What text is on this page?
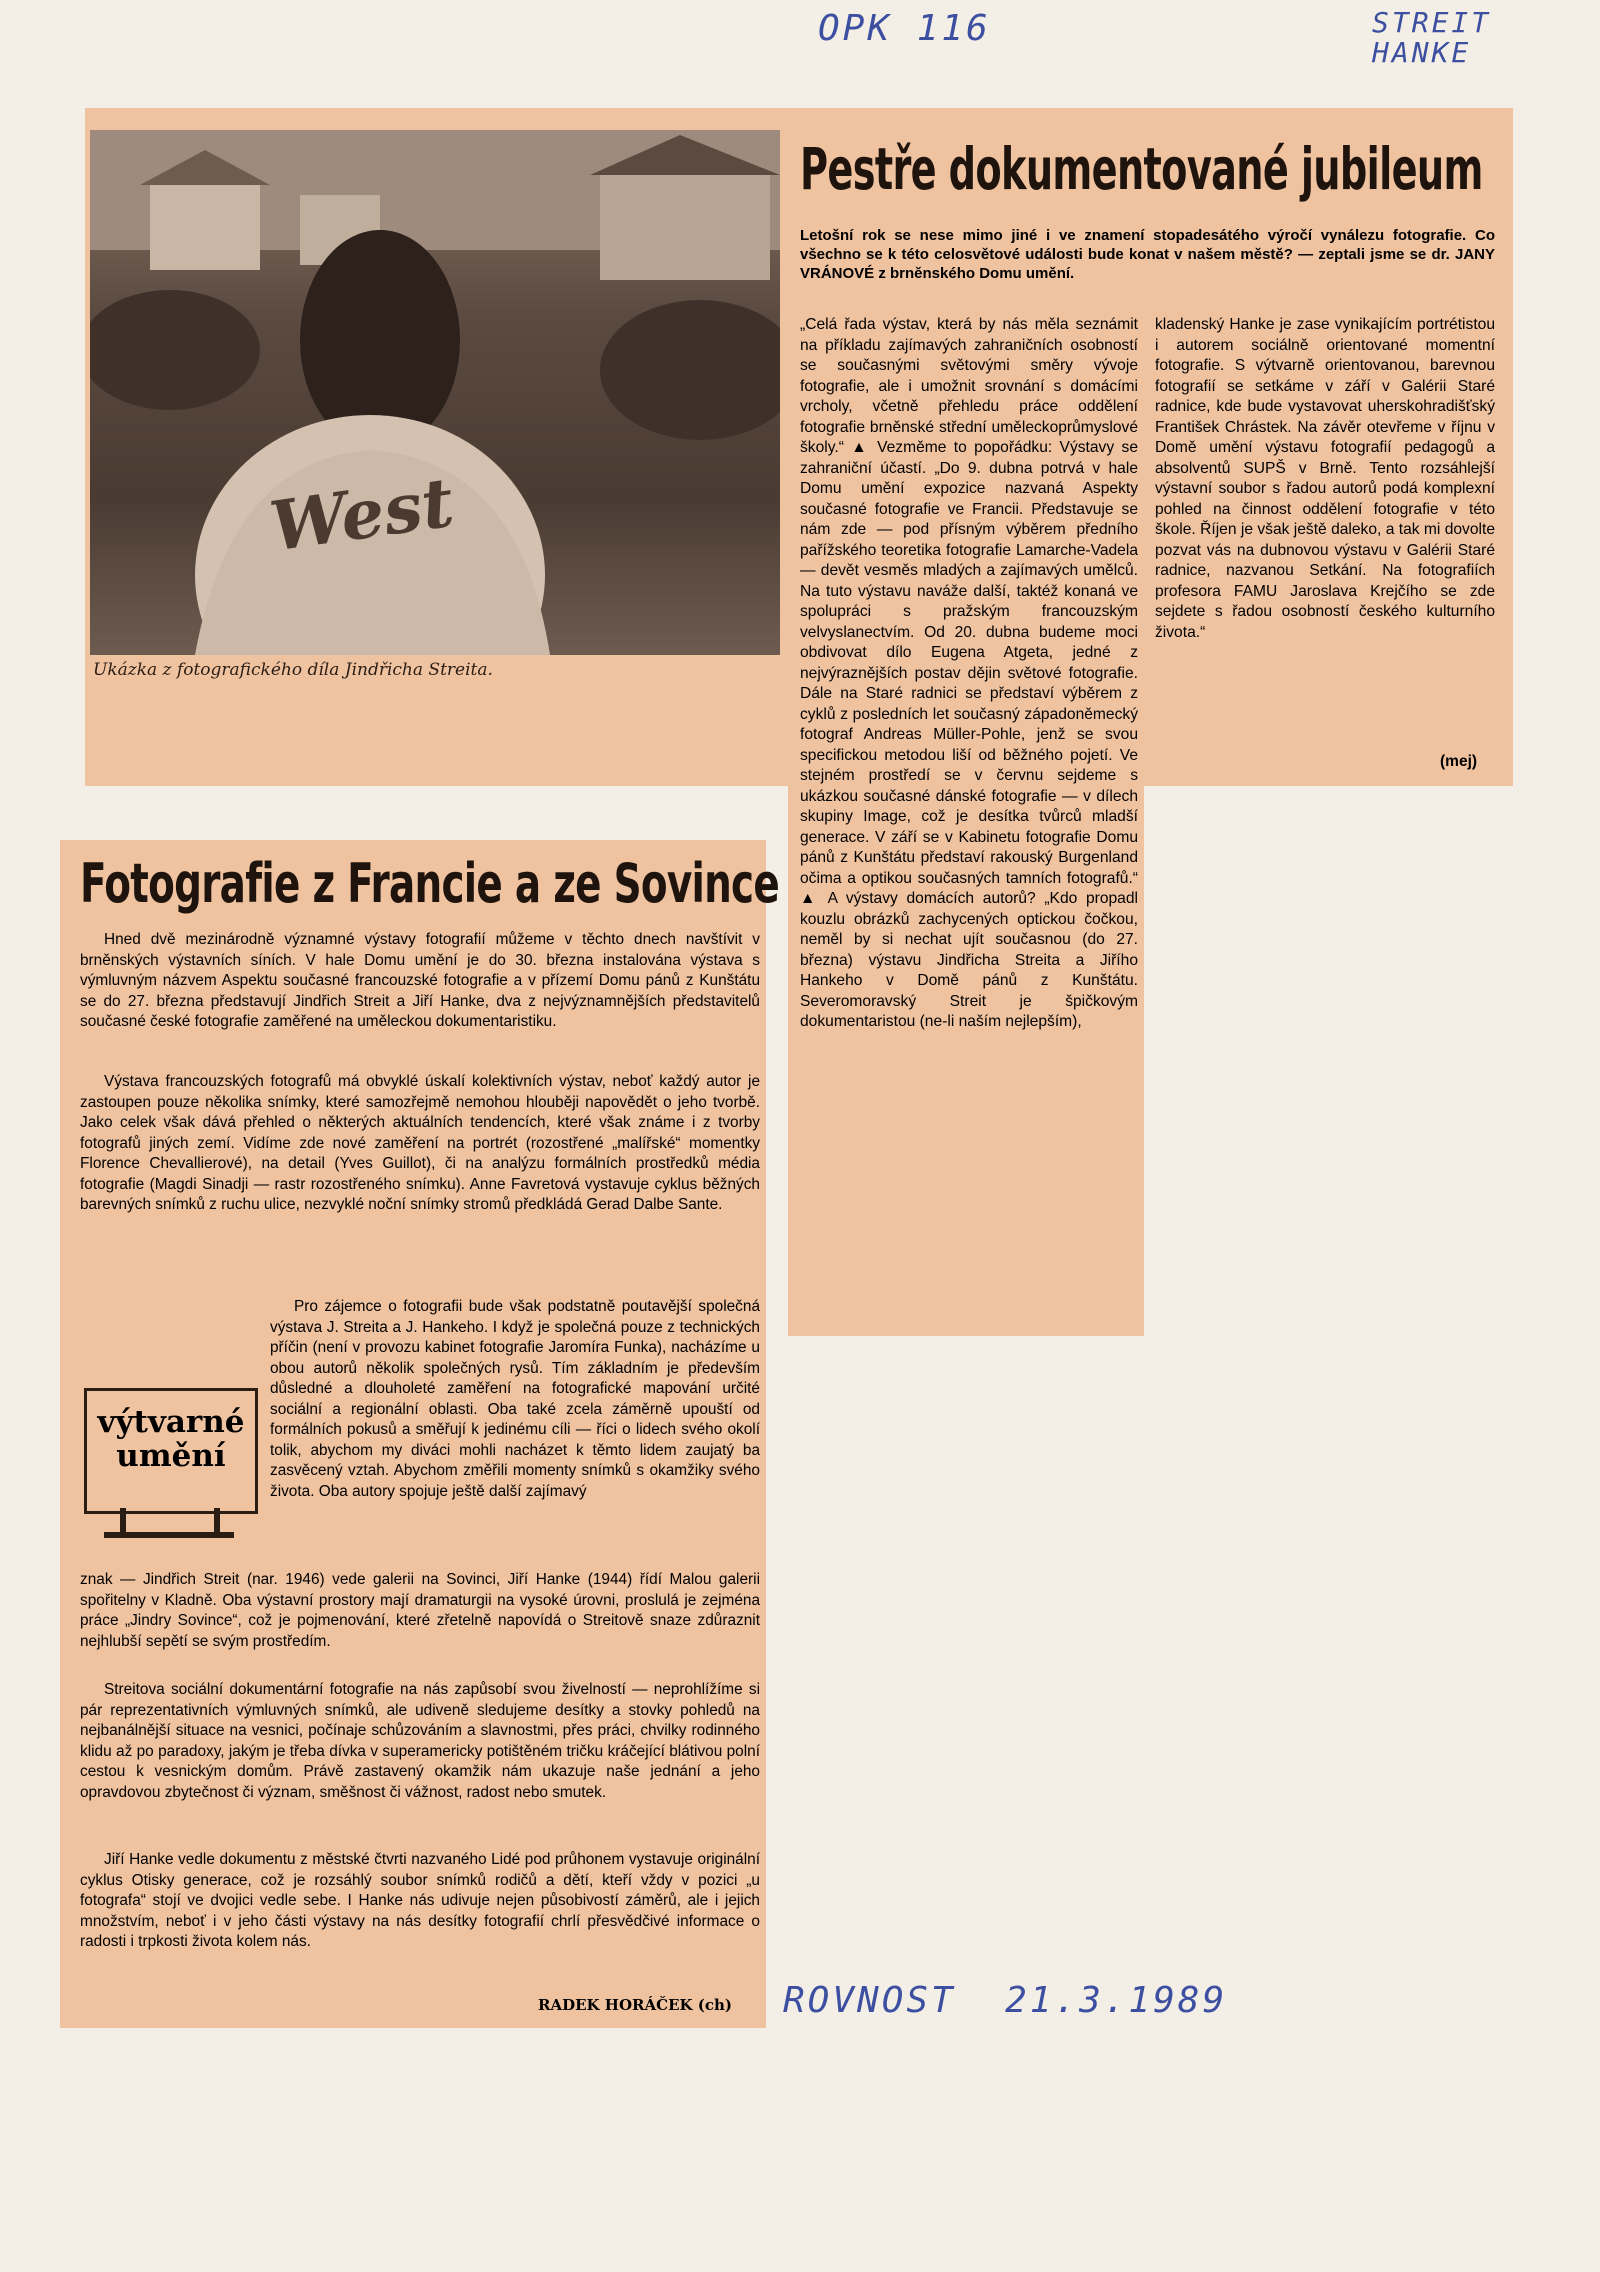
OPK 116	STREIT HANKE
ROVNOST  21.3.1989
West
Ukázka z fotografického díla Jindřicha Streita.
Pestře dokumentované jubileum

Letošní rok se nese mimo jiné i ve znamení stopadesátého výročí vynálezu fotografie. Co všechno se k této celosvětové události bude konat v našem městě? — zeptali jsme se dr. JANY VRÁNOVÉ z brněnského Domu umění.

„Celá řada výstav, která by nás měla seznámit na příkladu zajímavých zahraničních osobností se současnými světovými směry vývoje fotografie, ale i umožnit srovnání s domácími vrcholy, včetně přehledu práce oddělení fotografie brněnské střední uměleckoprůmyslové školy.“ ▲ Vezměme to popořádku: Výstavy se zahraniční účastí. „Do 9. dubna potrvá v hale Domu umění expozice nazvaná Aspekty současné fotografie ve Francii. Představuje se nám zde — pod přísným výběrem předního pařížského teoretika fotografie Lamarche-Vadela — devět vesměs mladých a zajímavých umělců. Na tuto výstavu naváže další, taktéž konaná ve spolupráci s pražským francouzským velvyslanectvím. Od 20. dubna budeme moci obdivovat dílo Eugena Atgeta, jedné z nejvýraznějších postav dějin světové fotografie. Dále na Staré radnici se představí výběrem z cyklů z posledních let současný západoněmecký fotograf Andreas Müller-Pohle, jenž se svou specifickou metodou liší od běžného pojetí. Ve stejném prostředí se v červnu sejdeme s ukázkou současné dánské fotografie — v dílech skupiny Image, což je desítka tvůrců mladší generace. V září se v Kabinetu fotografie Domu pánů z Kunštátu představí rakouský Burgenland očima a optikou současných tamních fotografů.“ ▲ A výstavy domácích autorů? „Kdo propadl kouzlu obrázků zachycených optickou čočkou, neměl by si nechat ujít současnou (do 27. března) výstavu Jindřicha Streita a Jiřího Hankeho v Domě pánů z Kunštátu. Severomoravský Streit je špičkovým dokumentaristou (ne-li naším nejlepším),

kladenský Hanke je zase vynikajícím portrétistou i autorem sociálně orientované momentní fotografie. S výtvarně orientovanou, barevnou fotografií se setkáme v září v Galérii Staré radnice, kde bude vystavovat uherskohradišťský František Chrástek. Na závěr otevřeme v říjnu v Domě umění výstavu fotografií pedagogů a absolventů SUPŠ v Brně. Tento rozsáhlejší výstavní soubor s řadou autorů podá komplexní pohled na činnost oddělení fotografie v této škole. Říjen je však ještě daleko, a tak mi dovolte pozvat vás na dubnovou výstavu v Galérii Staré radnice, nazvanou Setkání. Na fotografiích profesora FAMU Jaroslava Krejčího se zde sejdete s řadou osobností českého kulturního života.“

(mej)
Fotografie z Francie a ze Sovince

Hned dvě mezinárodně významné výstavy fotografií můžeme v těchto dnech navštívit v brněnských výstavních síních. V hale Domu umění je do 30. března instalována výstava s výmluvným názvem Aspektu současné francouzské fotografie a v přízemí Domu pánů z Kunštátu se do 27. března představují Jindřich Streit a Jiří Hanke, dva z nejvýznamnějších představitelů současné české fotografie zaměřené na uměleckou dokumentaristiku.

Výstava francouzských fotografů má obvyklé úskalí kolektivních výstav, neboť každý autor je zastoupen pouze několika snímky, které samozřejmě nemohou hlouběji napovědět o jeho tvorbě. Jako celek však dává přehled o některých aktuálních tendencích, které však známe i z tvorby fotografů jiných zemí. Vidíme zde nové zaměření na portrét (rozostřené „malířské“ momentky Florence Chevallierové), na detail (Yves Guillot), či na analýzu formálních prostředků média fotografie (Magdi Sinadji — rastr rozostřeného snímku). Anne Favretová vystavuje cyklus běžných barevných snímků z ruchu ulice, nezvyklé noční snímky stromů předkládá Gerad Dalbe Sante.

výtvarné
umění

Pro zájemce o fotografii bude však podstatně poutavější společná výstava J. Streita a J. Hankeho. I když je společná pouze z technických příčin (není v provozu kabinet fotografie Jaromíra Funka), nacházíme u obou autorů několik společných rysů. Tím základním je především důsledné a dlouholeté zaměření na fotografické mapování určité sociální a regionální oblasti. Oba také zcela záměrně upouští od formálních pokusů a směřují k jedinému cíli — říci o lidech svého okolí tolik, abychom my diváci mohli nacházet k těmto lidem zaujatý ba zasvěcený vztah. Abychom změřili momenty snímků s okamžiky svého života. Oba autory spojuje ještě další zajímavý

znak — Jindřich Streit (nar. 1946) vede galerii na Sovinci, Jiří Hanke (1944) řídí Malou galerii spořitelny v Kladně. Oba výstavní prostory mají dramaturgii na vysoké úrovni, proslulá je zejména práce „Jindry Sovince“, což je pojmenování, které zřetelně napovídá o Streitově snaze zdůraznit nejhlubší sepětí se svým prostředím.

Streitova sociální dokumentární fotografie na nás zapůsobí svou živelností — neprohlížíme si pár reprezentativních výmluvných snímků, ale udiveně sledujeme desítky a stovky pohledů na nejbanálnější situace na vesnici, počínaje schůzováním a slavnostmi, přes práci, chvilky rodinného klidu až po paradoxy, jakým je třeba dívka v superamericky potištěném tričku kráčející blátivou polní cestou k vesnickým domům. Právě zastavený okamžik nám ukazuje naše jednání a jeho opravdovou zbytečnost či význam, směšnost či vážnost, radost nebo smutek.

Jiří Hanke vedle dokumentu z městské čtvrti nazvaného Lidé pod průhonem vystavuje originální cyklus Otisky generace, což je rozsáhlý soubor snímků rodičů a dětí, kteří vždy v pozici „u fotografa“ stojí ve dvojici vedle sebe. I Hanke nás udivuje nejen působivostí záměrů, ale i jejich množstvím, neboť i v jeho části výstavy na nás desítky fotografií chrlí přesvědčivé informace o radosti i trpkosti života kolem nás.

RADEK HORÁČEK (ch)
